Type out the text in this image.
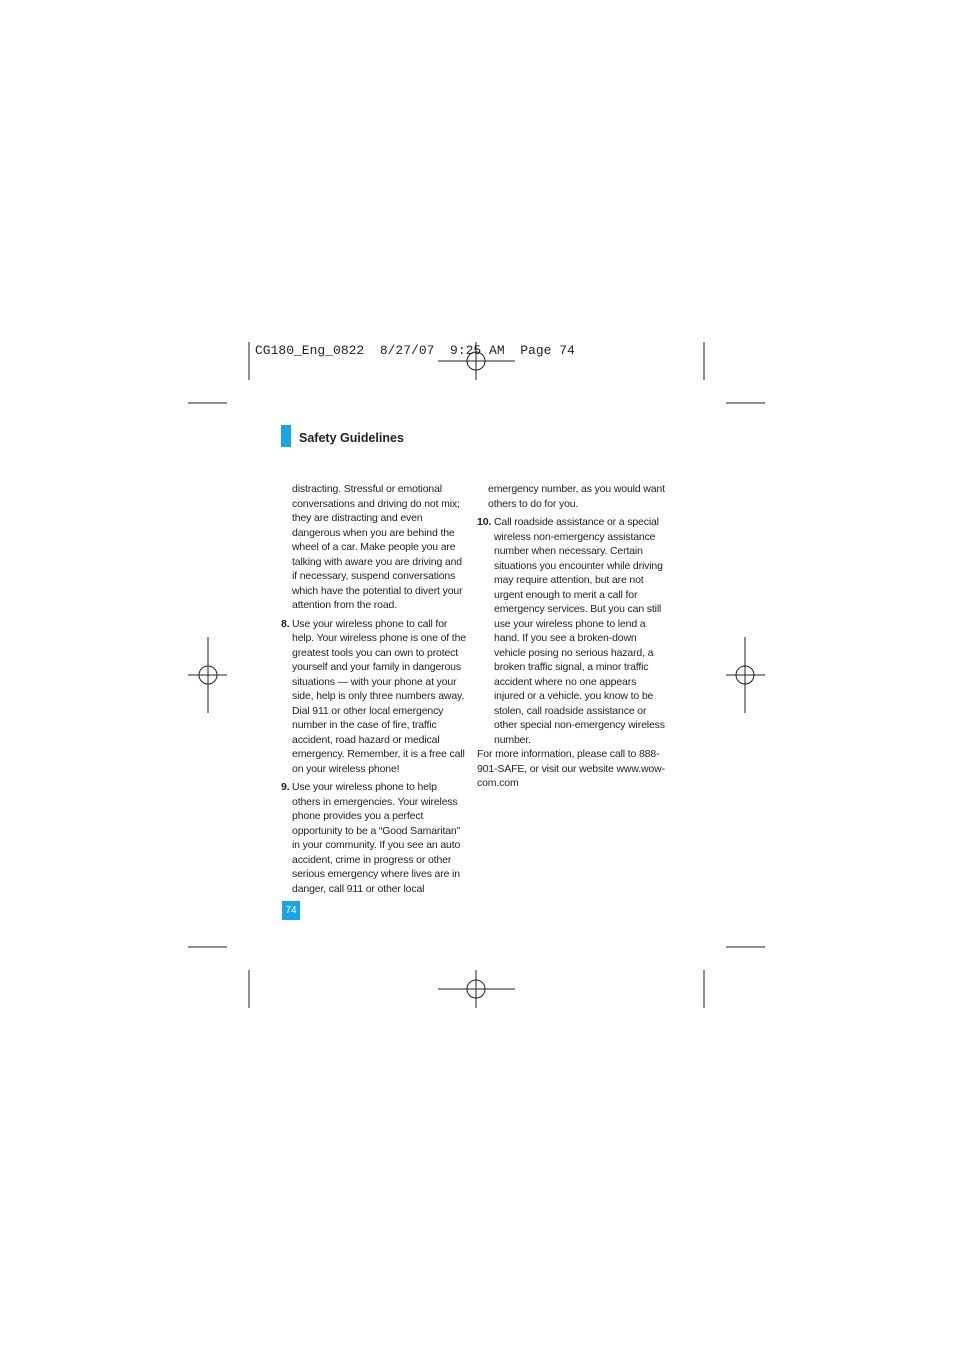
CG180_Eng_0822  8/27/07  9:25 AM  Page 74
Safety Guidelines

distracting. Stressful or emotional conversations and driving do not mix; they are distracting and even dangerous when you are behind the wheel of a car. Make people you are talking with aware you are driving and if necessary, suspend conversations which have the potential to divert your attention from the road.

8. Use your wireless phone to call for help. Your wireless phone is one of the greatest tools you can own to protect yourself and your family in dangerous situations — with your phone at your side, help is only three numbers away. Dial 911 or other local emergency number in the case of fire, traffic accident, road hazard or medical emergency. Remember, it is a free call on your wireless phone!
9. Use your wireless phone to help others in emergencies. Your wireless phone provides you a perfect opportunity to be a “Good Samaritan” in your community. If you see an auto accident, crime in progress or other serious emergency where lives are in danger, call 911 or other local

emergency number, as you would want others to do for you.

10. Call roadside assistance or a special wireless non-emergency assistance number when necessary. Certain situations you encounter while driving may require attention, but are not urgent enough to merit a call for emergency services. But you can still use your wireless phone to lend a hand. If you see a broken-down vehicle posing no serious hazard, a broken traffic signal, a minor traffic accident where no one appears injured or a vehicle. you know to be stolen, call roadside assistance or other special non-emergency wireless number.

For more information, please call to 888-901-SAFE, or visit our website www.wow-com.com

74
